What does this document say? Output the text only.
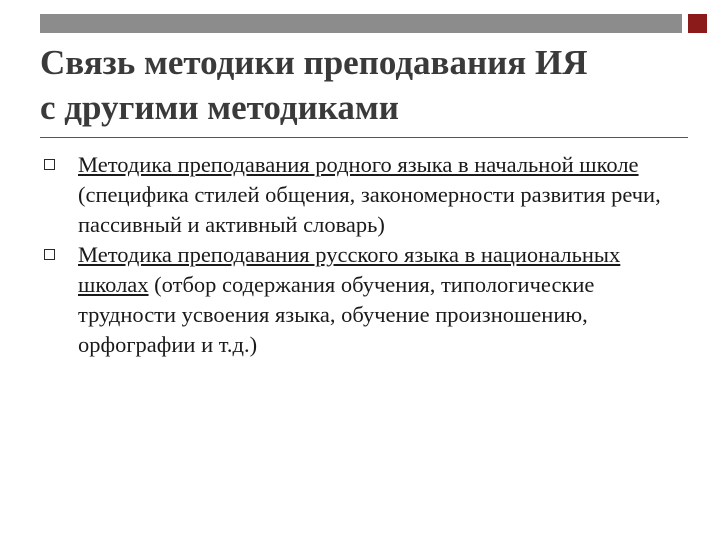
Связь методики преподавания ИЯ
с другими методиками
Методика преподавания родного языка в начальной школе (специфика стилей общения, закономерности развития речи, пассивный и активный словарь)
Методика преподавания русского языка в национальных школах (отбор содержания обучения, типологические трудности усвоения языка, обучение произношению, орфографии и т.д.)
